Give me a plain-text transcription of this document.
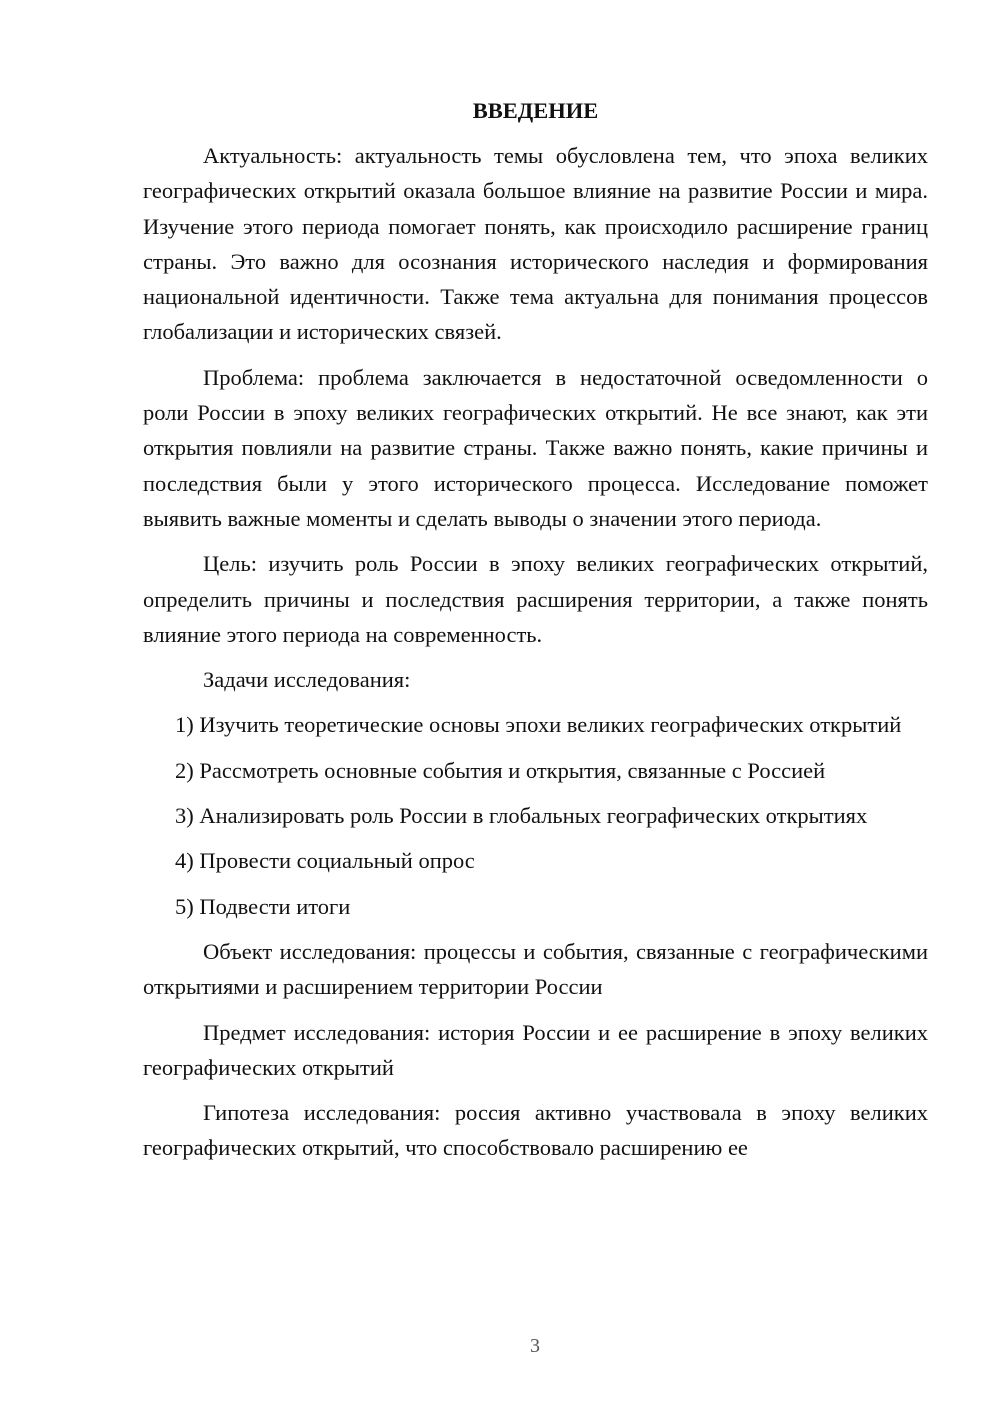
ВВЕДЕНИЕ

Актуальность: актуальность темы обусловлена тем, что эпоха великих географических открытий оказала большое влияние на развитие России и мира. Изучение этого периода помогает понять, как происходило расширение границ страны. Это важно для осознания исторического наследия и формирования национальной идентичности. Также тема актуальна для понимания процессов глобализации и исторических связей.

Проблема: проблема заключается в недостаточной осведомленности о роли России в эпоху великих географических открытий. Не все знают, как эти открытия повлияли на развитие страны. Также важно понять, какие причины и последствия были у этого исторического процесса. Исследование поможет выявить важные моменты и сделать выводы о значении этого периода.

Цель: изучить роль России в эпоху великих географических открытий, определить причины и последствия расширения территории, а также понять влияние этого периода на современность.

Задачи исследования:

1) Изучить теоретические основы эпохи великих географических открытий

2) Рассмотреть основные события и открытия, связанные с Россией

3) Анализировать роль России в глобальных географических открытиях

4) Провести социальный опрос

5) Подвести итоги

Объект исследования: процессы и события, связанные с географическими открытиями и расширением территории России

Предмет исследования: история России и ее расширение в эпоху великих географических открытий

Гипотеза исследования: россия активно участвовала в эпоху великих географических открытий, что способствовало расширению ее

3
